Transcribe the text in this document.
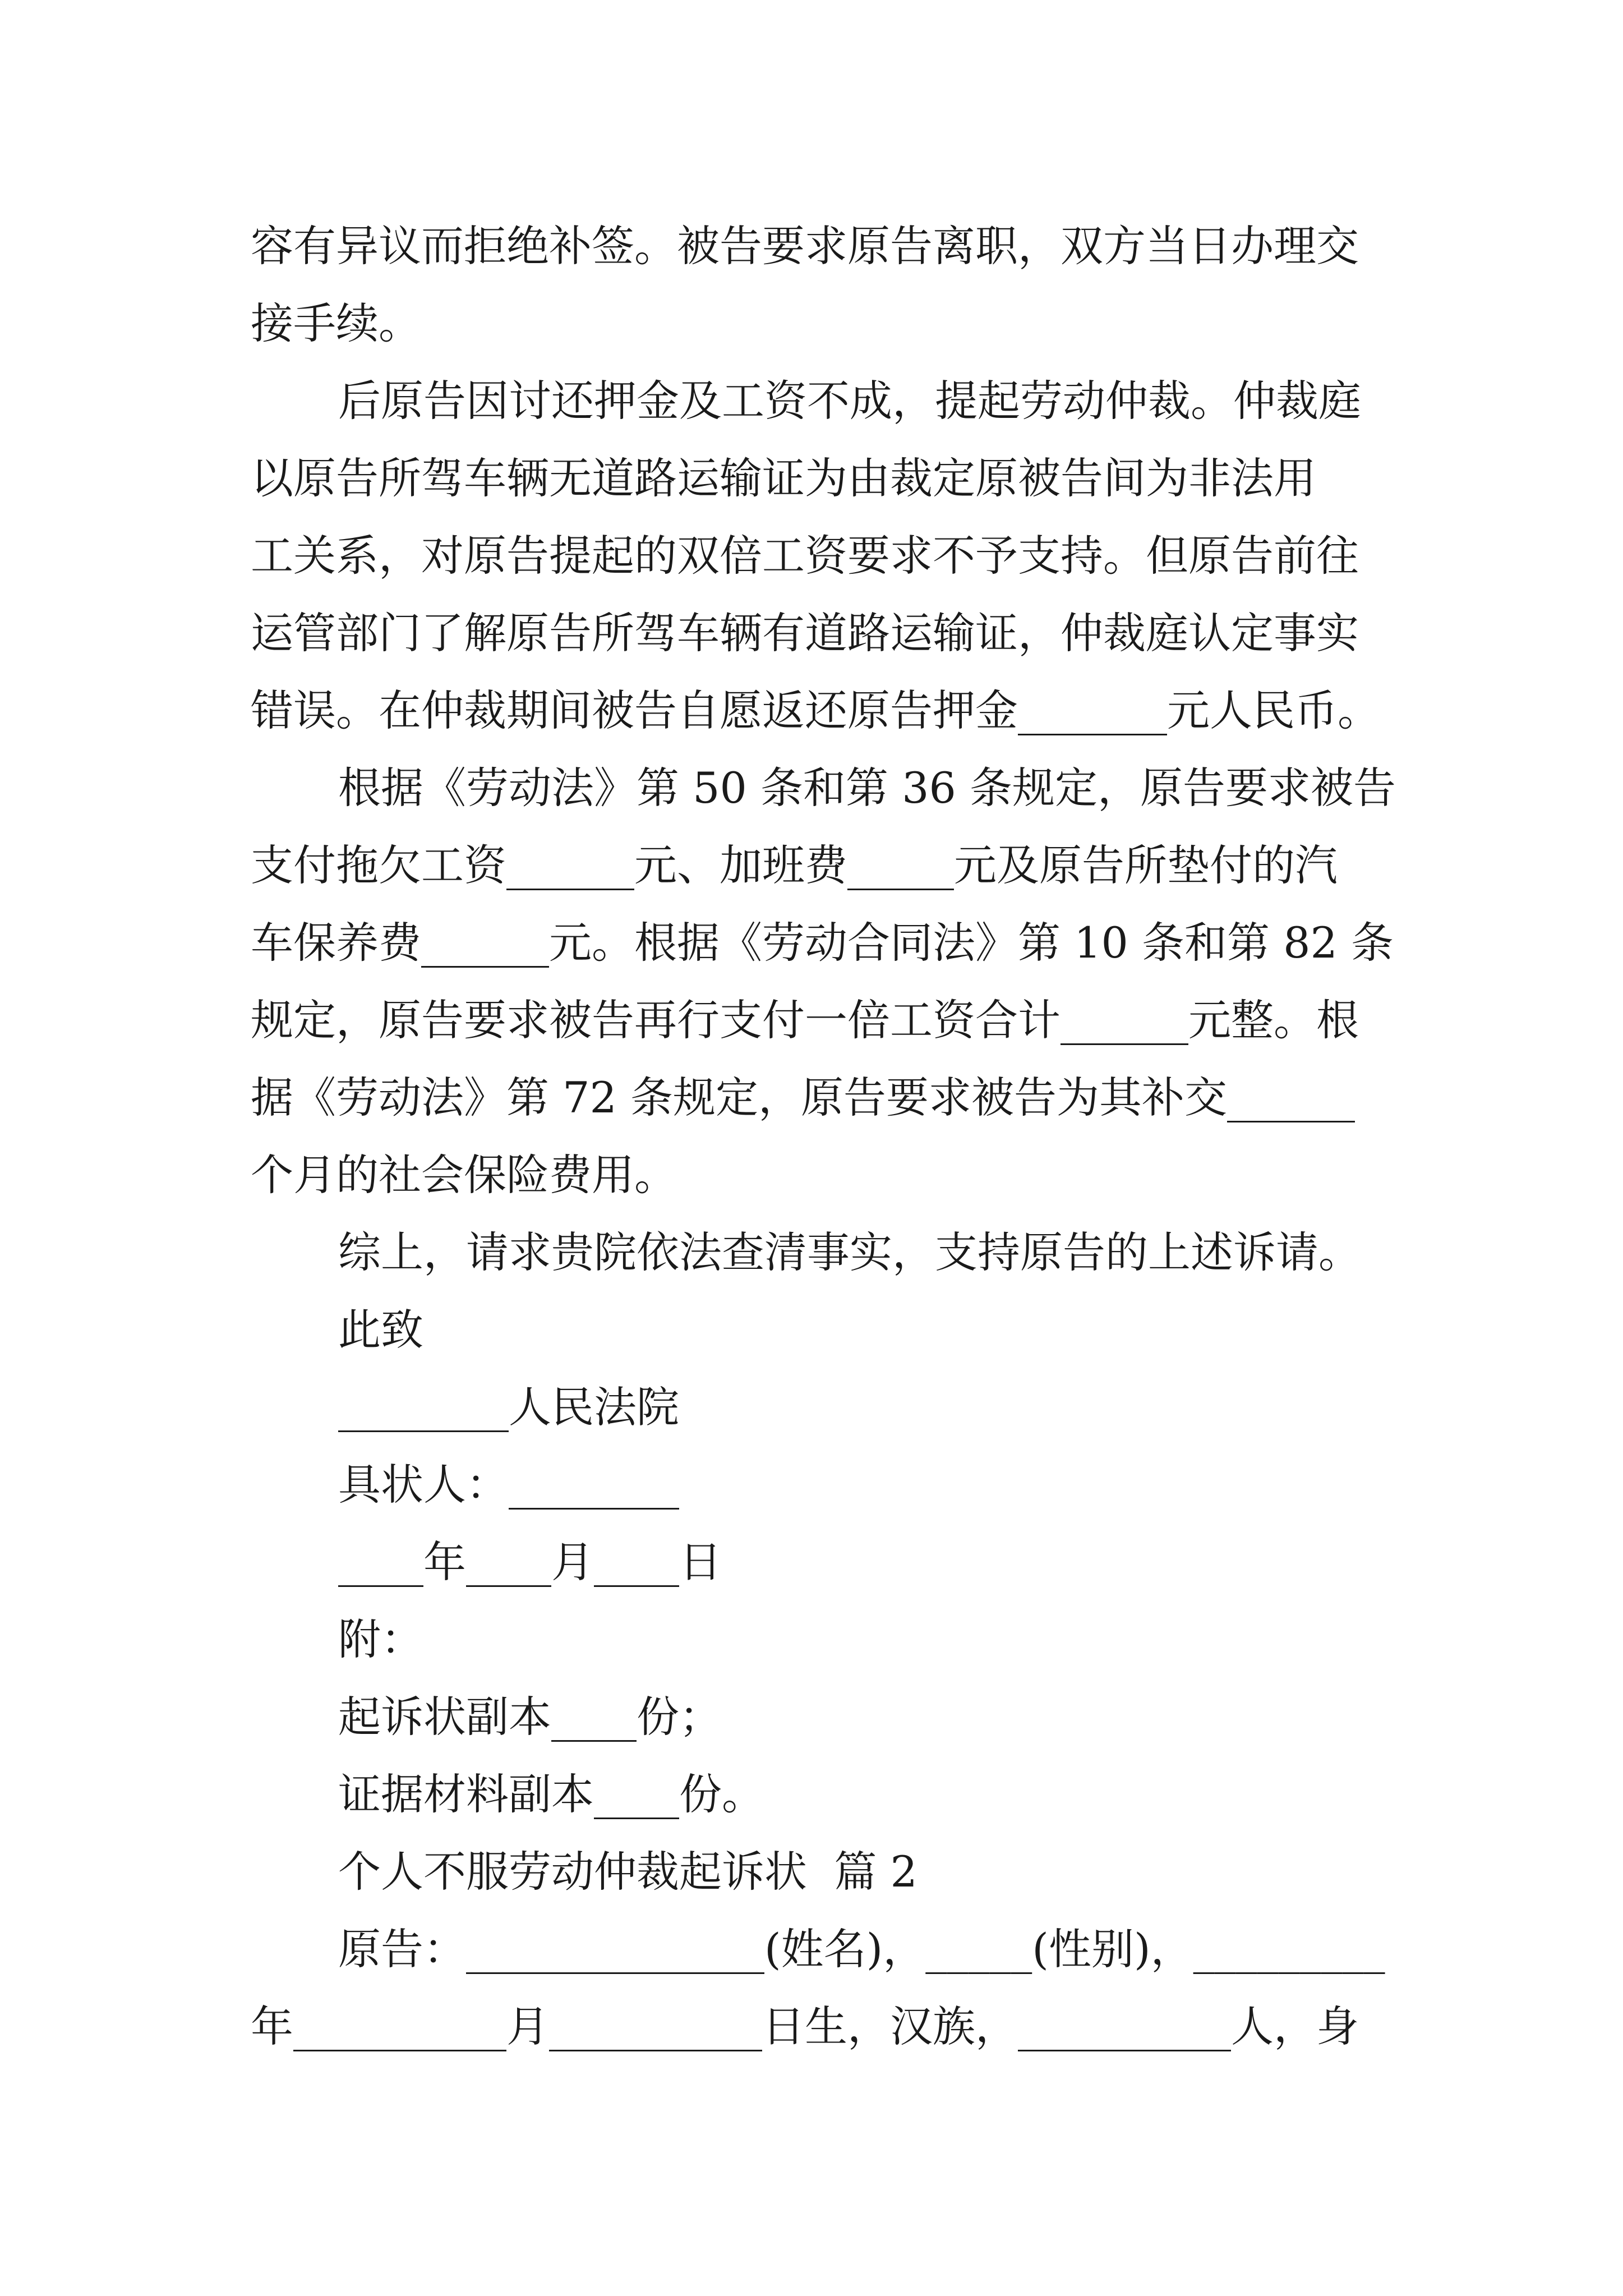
容有异议而拒绝补签。被告要求原告离职，双方当日办理交
接手续。
后原告因讨还押金及工资不成，提起劳动仲裁。仲裁庭
以原告所驾车辆无道路运输证为由裁定原被告间为非法用
工关系，对原告提起的双倍工资要求不予支持。但原告前往
运管部门了解原告所驾车辆有道路运输证，仲裁庭认定事实
错误。在仲裁期间被告自愿返还原告押金_______元人民币。
根据《劳动法》第 50 条和第 36 条规定，原告要求被告
支付拖欠工资______元、加班费_____元及原告所垫付的汽
车保养费______元。根据《劳动合同法》第 10 条和第 82 条
规定，原告要求被告再行支付一倍工资合计______元整。根
据《劳动法》第 72 条规定，原告要求被告为其补交______
个月的社会保险费用。
综上，请求贵院依法查清事实，支持原告的上述诉请。
此致
________人民法院
具状人：________
____年____月____日
附：
起诉状副本____份；
证据材料副本____份。
个人不服劳动仲裁起诉状  篇 2
原告：______________(姓名)，_____(性别)，_________
年__________月__________日生，汉族，__________人，身
